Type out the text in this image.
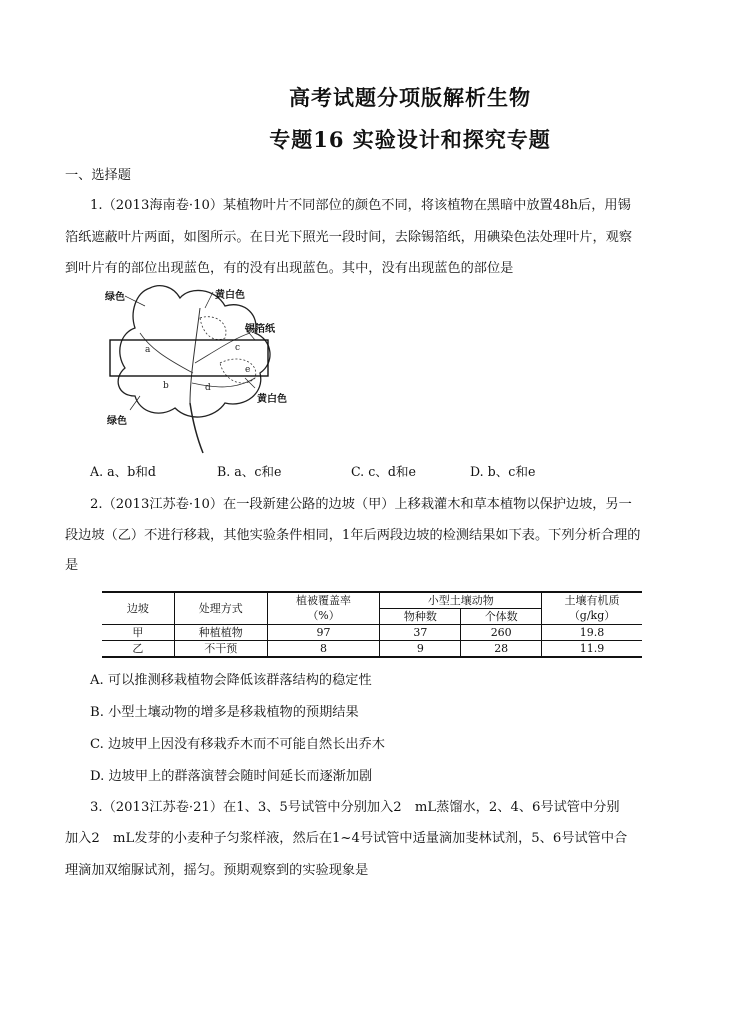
高考试题分项版解析生物
专题16 实验设计和探究专题
一、选择题
1.（2013海南卷·10）某植物叶片不同部位的颜色不同，将该植物在黑暗中放置48h后，用锡
箔纸遮蔽叶片两面，如图所示。在日光下照光一段时间，去除锡箔纸，用碘染色法处理叶片，观察
到叶片有的部位出现蓝色，有的没有出现蓝色。其中，没有出现蓝色的部位是
a
b
c
d
e
绿色	黄白色
锡箔纸
黄白色
绿色
A. a、b和d	B. a、c和e	C. c、d和e	D. b、c和e
2.（2013江苏卷·10）在一段新建公路的边坡（甲）上移栽灌木和草本植物以保护边坡，另一
段边坡（乙）不进行移栽，其他实验条件相同，1年后两段边坡的检测结果如下表。下列分析合理的
是
边坡	处理方式	植被覆盖率	小型土壤动物		土壤有机质
		（%）	物种数	个体数	（g/kg）
甲	种植植物	97	37	260	19.8
乙	不干预	8	9	28	11.9
A. 可以推测移栽植物会降低该群落结构的稳定性
B. 小型土壤动物的增多是移栽植物的预期结果
C. 边坡甲上因没有移栽乔木而不可能自然长出乔木
D. 边坡甲上的群落演替会随时间延长而逐渐加剧
3.（2013江苏卷·21）在1、3、5号试管中分别加入2　mL蒸馏水，2、4、6号试管中分别
加入2　mL发芽的小麦种子匀浆样液，然后在1~4号试管中适量滴加斐林试剂，5、6号试管中合
理滴加双缩脲试剂，摇匀。预期观察到的实验现象是
